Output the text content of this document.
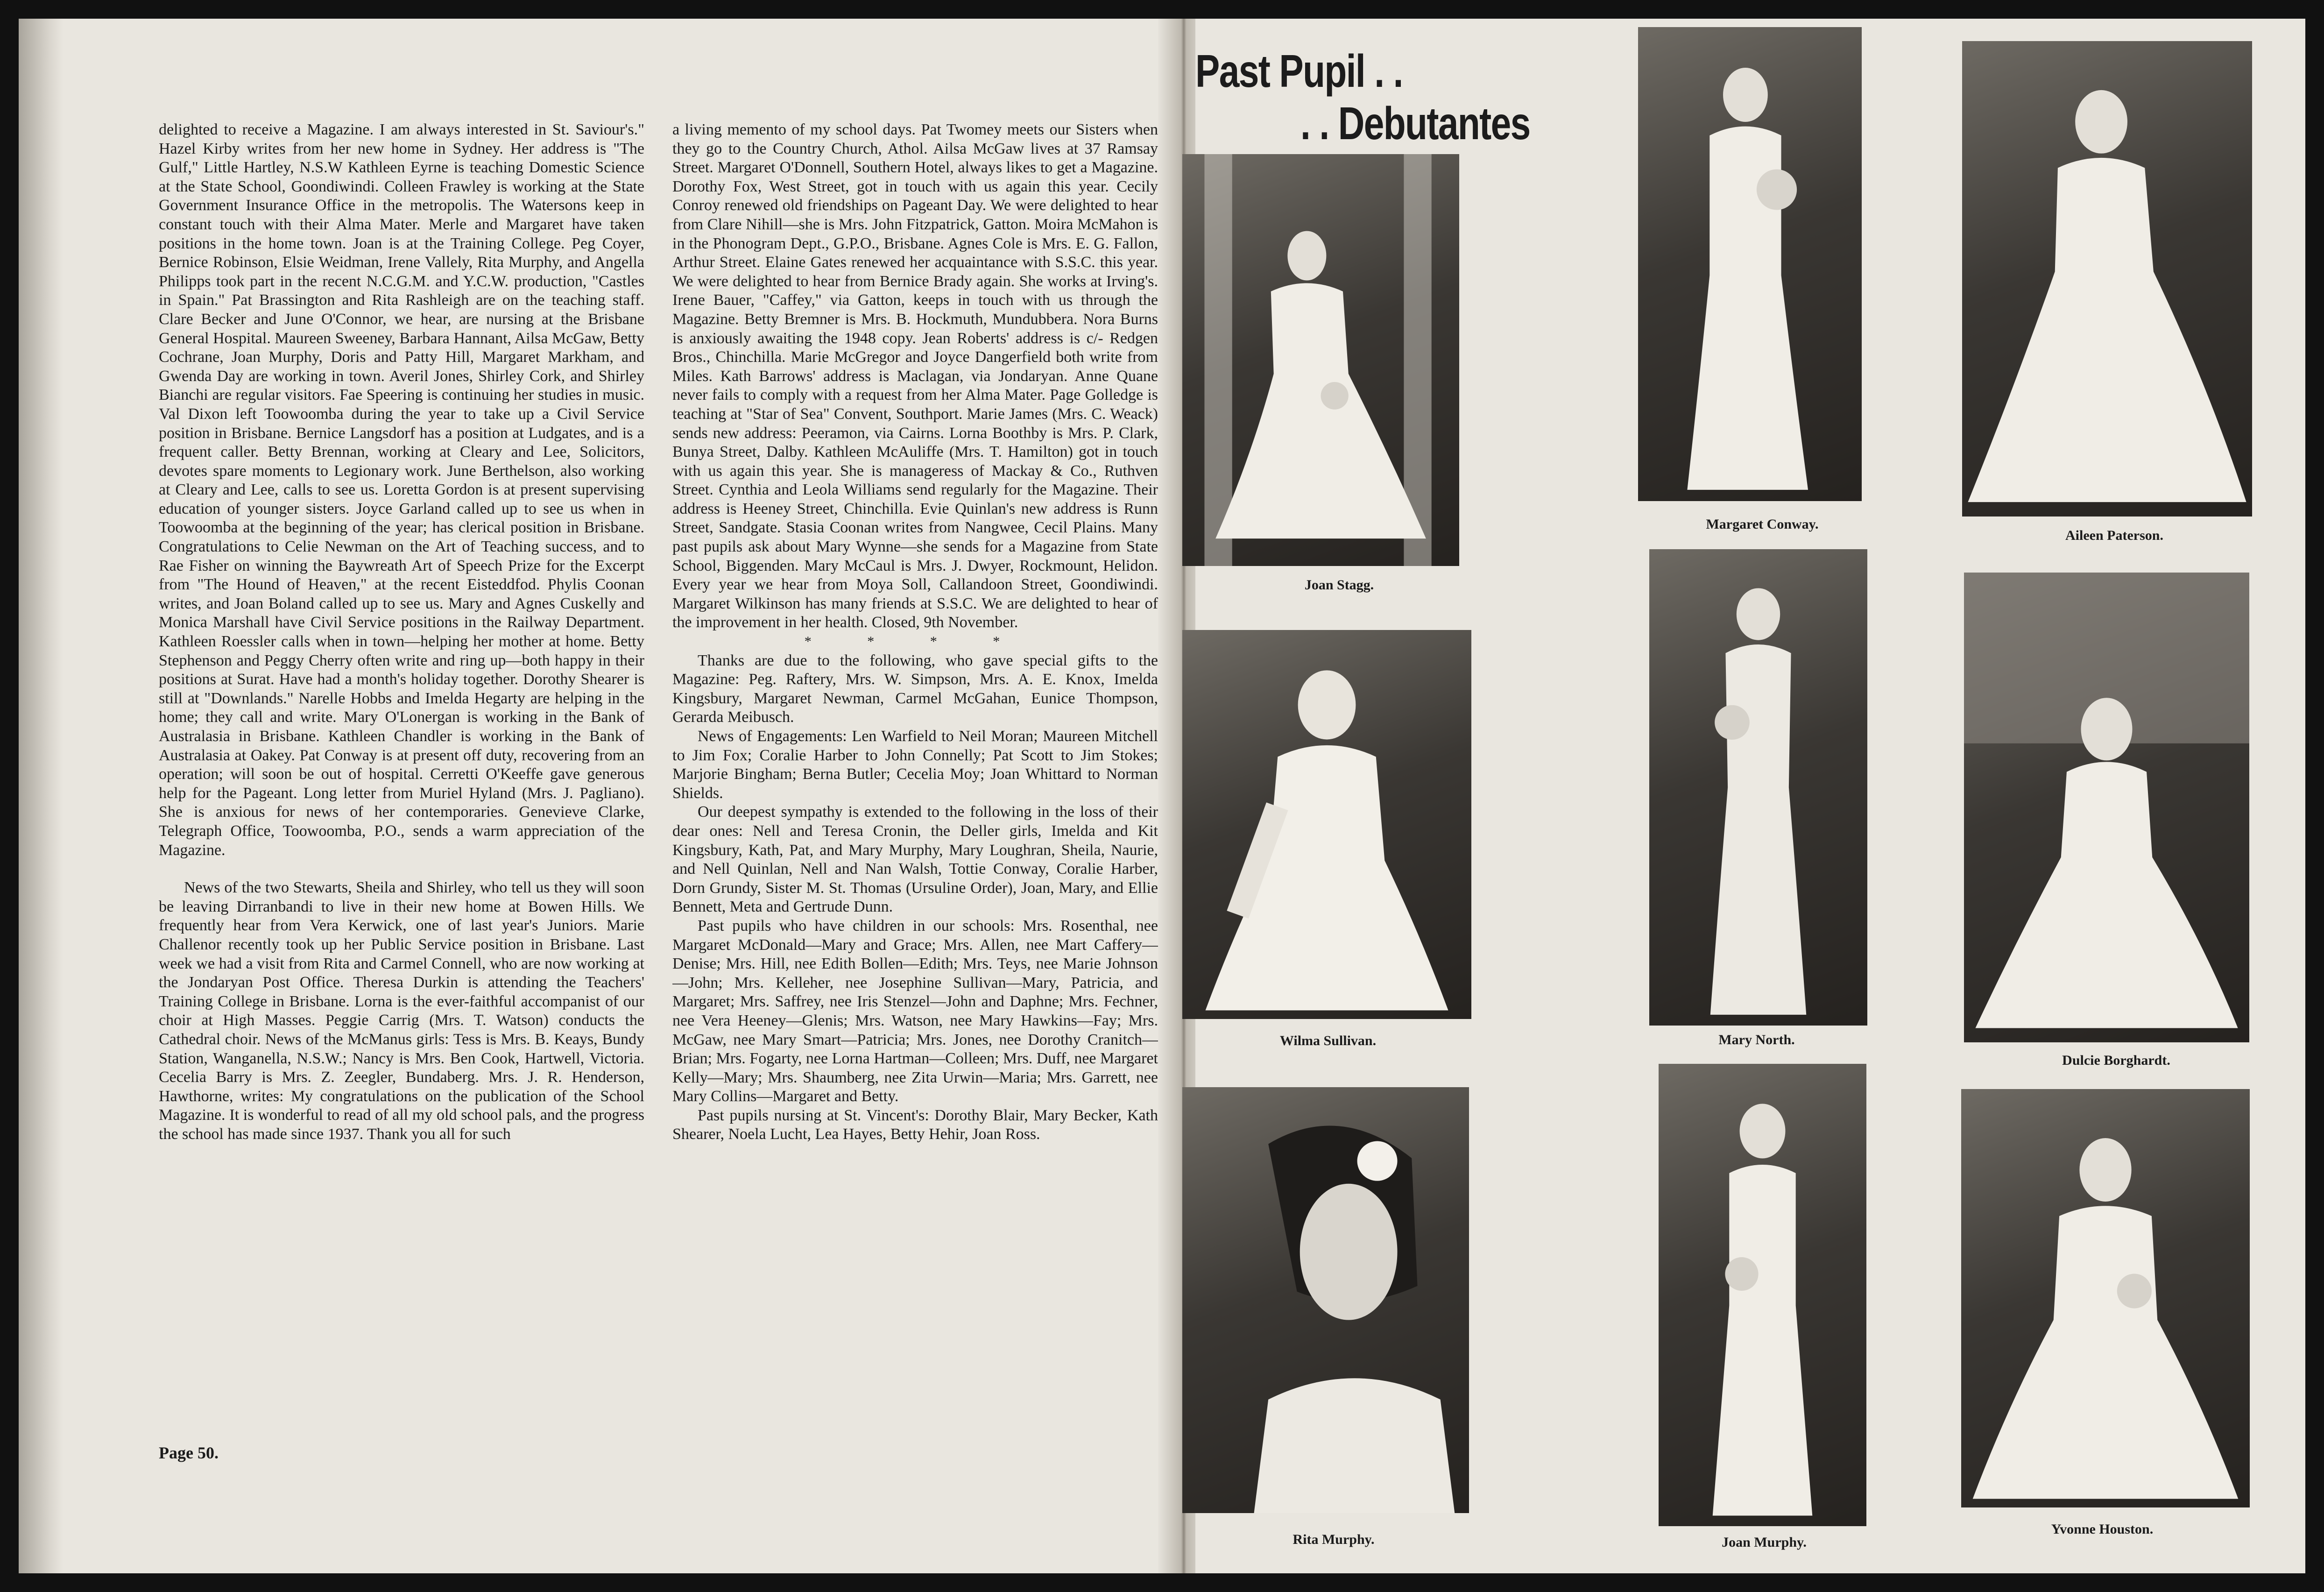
delighted to receive a Magazine. I am always interested in St. Saviour's." Hazel Kirby writes from her new home in Sydney. Her address is "The Gulf," Little Hartley, N.S.W Kathleen Eyrne is teaching Domestic Science at the State School, Goondiwindi. Colleen Frawley is working at the State Government Insurance Office in the metropolis. The Watersons keep in constant touch with their Alma Mater. Merle and Margaret have taken positions in the home town. Joan is at the Training College. Peg Coyer, Bernice Robinson, Elsie Weidman, Irene Vallely, Rita Murphy, and Angella Philipps took part in the recent N.C.G.M. and Y.C.W. production, "Castles in Spain." Pat Brassington and Rita Rashleigh are on the teaching staff. Clare Becker and June O'Connor, we hear, are nursing at the Brisbane General Hospital. Maureen Sweeney, Barbara Hannant, Ailsa McGaw, Betty Cochrane, Joan Murphy, Doris and Patty Hill, Margaret Markham, and Gwenda Day are working in town. Averil Jones, Shirley Cork, and Shirley Bianchi are regular visitors. Fae Speering is continuing her studies in music. Val Dixon left Toowoomba during the year to take up a Civil Service position in Brisbane. Bernice Langsdorf has a position at Ludgates, and is a frequent caller. Betty Brennan, working at Cleary and Lee, Solicitors, devotes spare moments to Legionary work. June Berthelson, also working at Cleary and Lee, calls to see us. Loretta Gordon is at present supervising education of younger sisters. Joyce Garland called up to see us when in Toowoomba at the beginning of the year; has clerical position in Brisbane. Congratulations to Celie Newman on the Art of Teaching success, and to Rae Fisher on winning the Baywreath Art of Speech Prize for the Excerpt from "The Hound of Heaven," at the recent Eisteddfod. Phylis Coonan writes, and Joan Boland called up to see us. Mary and Agnes Cuskelly and Monica Marshall have Civil Service positions in the Railway Department. Kathleen Roessler calls when in town—helping her mother at home. Betty Stephenson and Peggy Cherry often write and ring up—both happy in their positions at Surat. Have had a month's holiday together. Dorothy Shearer is still at "Downlands." Narelle Hobbs and Imelda Hegarty are helping in the home; they call and write. Mary O'Lonergan is working in the Bank of Australasia in Brisbane. Kathleen Chandler is working in the Bank of Australasia at Oakey. Pat Conway is at present off duty, recovering from an operation; will soon be out of hospital. Cerretti O'Keeffe gave generous help for the Pageant. Long letter from Muriel Hyland (Mrs. J. Pagliano). She is anxious for news of her contemporaries. Genevieve Clarke, Telegraph Office, Toowoomba, P.O., sends a warm appreciation of the Magazine.

News of the two Stewarts, Sheila and Shirley, who tell us they will soon be leaving Dirranbandi to live in their new home at Bowen Hills. We frequently hear from Vera Kerwick, one of last year's Juniors. Marie Challenor recently took up her Public Service position in Brisbane. Last week we had a visit from Rita and Carmel Connell, who are now working at the Jondaryan Post Office. Theresa Durkin is attending the Teachers' Training College in Brisbane. Lorna is the ever-faithful accompanist of our choir at High Masses. Peggie Carrig (Mrs. T. Watson) conducts the Cathedral choir. News of the McManus girls: Tess is Mrs. B. Keays, Bundy Station, Wanganella, N.S.W.; Nancy is Mrs. Ben Cook, Hartwell, Victoria. Cecelia Barry is Mrs. Z. Zeegler, Bundaberg. Mrs. J. R. Henderson, Hawthorne, writes: My congratulations on the publication of the School Magazine. It is wonderful to read of all my old school pals, and the progress the school has made since 1937. Thank you all for such

a living memento of my school days. Pat Twomey meets our Sisters when they go to the Country Church, Athol. Ailsa McGaw lives at 37 Ramsay Street. Margaret O'Donnell, Southern Hotel, always likes to get a Magazine. Dorothy Fox, West Street, got in touch with us again this year. Cecily Conroy renewed old friendships on Pageant Day. We were delighted to hear from Clare Nihill—she is Mrs. John Fitzpatrick, Gatton. Moira McMahon is in the Phonogram Dept., G.P.O., Brisbane. Agnes Cole is Mrs. E. G. Fallon, Arthur Street. Elaine Gates renewed her acquaintance with S.S.C. this year. We were delighted to hear from Bernice Brady again. She works at Irving's. Irene Bauer, "Caffey," via Gatton, keeps in touch with us through the Magazine. Betty Bremner is Mrs. B. Hockmuth, Mundubbera. Nora Burns is anxiously awaiting the 1948 copy. Jean Roberts' address is c/- Redgen Bros., Chinchilla. Marie McGregor and Joyce Dangerfield both write from Miles. Kath Barrows' address is Maclagan, via Jondaryan. Anne Quane never fails to comply with a request from her Alma Mater. Page Golledge is teaching at "Star of Sea" Convent, Southport. Marie James (Mrs. C. Weack) sends new address: Peeramon, via Cairns. Lorna Boothby is Mrs. P. Clark, Bunya Street, Dalby. Kathleen McAuliffe (Mrs. T. Hamilton) got in touch with us again this year. She is manageress of Mackay & Co., Ruthven Street. Cynthia and Leola Williams send regularly for the Magazine. Their address is Heeney Street, Chinchilla. Evie Quinlan's new address is Runn Street, Sandgate. Stasia Coonan writes from Nangwee, Cecil Plains. Many past pupils ask about Mary Wynne—she sends for a Magazine from State School, Biggenden. Mary McCaul is Mrs. J. Dwyer, Rockmount, Helidon. Every year we hear from Moya Soll, Callandoon Street, Goondiwindi. Margaret Wilkinson has many friends at S.S.C. We are delighted to hear of the improvement in her health. Closed, 9th November.

* * * *

Thanks are due to the following, who gave special gifts to the Magazine: Peg. Raftery, Mrs. W. Simpson, Mrs. A. E. Knox, Imelda Kingsbury, Margaret Newman, Carmel McGahan, Eunice Thompson, Gerarda Meibusch.

News of Engagements: Len Warfield to Neil Moran; Maureen Mitchell to Jim Fox; Coralie Harber to John Connelly; Pat Scott to Jim Stokes; Marjorie Bingham; Berna Butler; Cecelia Moy; Joan Whittard to Norman Shields.

Our deepest sympathy is extended to the following in the loss of their dear ones: Nell and Teresa Cronin, the Deller girls, Imelda and Kit Kingsbury, Kath, Pat, and Mary Murphy, Mary Loughran, Sheila, Naurie, and Nell Quinlan, Nell and Nan Walsh, Tottie Conway, Coralie Harber, Dorn Grundy, Sister M. St. Thomas (Ursuline Order), Joan, Mary, and Ellie Bennett, Meta and Gertrude Dunn.

Past pupils who have children in our schools: Mrs. Rosenthal, nee Margaret McDonald—Mary and Grace; Mrs. Allen, nee Mart Caffery—Denise; Mrs. Hill, nee Edith Bollen—Edith; Mrs. Teys, nee Marie Johnson—John; Mrs. Kelleher, nee Josephine Sullivan—Mary, Patricia, and Margaret; Mrs. Saffrey, nee Iris Stenzel—John and Daphne; Mrs. Fechner, nee Vera Heeney—Glenis; Mrs. Watson, nee Mary Hawkins—Fay; Mrs. McGaw, nee Mary Smart—Patricia; Mrs. Jones, nee Dorothy Cranitch—Brian; Mrs. Fogarty, nee Lorna Hartman—Colleen; Mrs. Duff, nee Margaret Kelly—Mary; Mrs. Shaumberg, nee Zita Urwin—Maria; Mrs. Garrett, nee Mary Collins—Margaret and Betty.

Past pupils nursing at St. Vincent's: Dorothy Blair, Mary Becker, Kath Shearer, Noela Lucht, Lea Hayes, Betty Hehir, Joan Ross.

Page 50.
Past Pupil . .
. . Debutantes
Joan Stagg.
Margaret Conway.
Aileen Paterson.
Wilma Sullivan.	Mary North.
Dulcie Borghardt.
Rita Murphy.	Joan Murphy.
Yvonne Houston.
